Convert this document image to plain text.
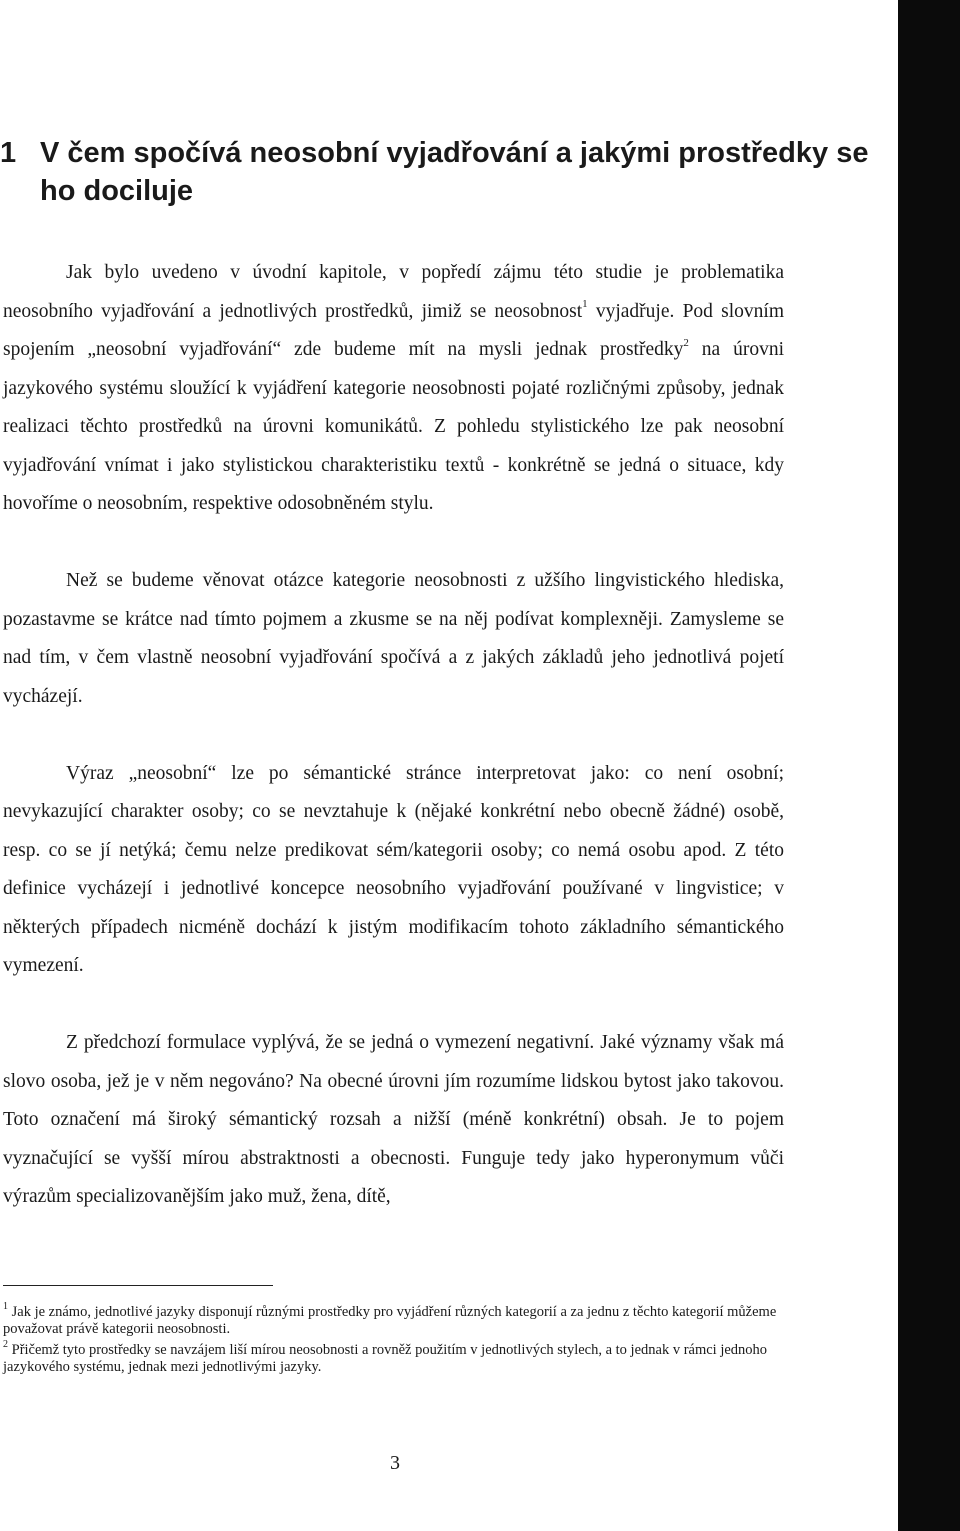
1 V čem spočívá neosobní vyjadřování a jakými prostředky se ho dociluje

Jak bylo uvedeno v úvodní kapitole, v popředí zájmu této studie je problematika neosobního vyjadřování a jednotlivých prostředků, jimiž se neosobnost$^1$ vyjadřuje. Pod slovním spojením „neosobní vyjadřování“ zde budeme mít na mysli jednak prostředky$^2$ na úrovni jazykového systému sloužící k vyjádření kategorie neosobnosti pojaté rozličnými způsoby, jednak realizaci těchto prostředků na úrovni komunikátů. Z pohledu stylistického lze pak neosobní vyjadřování vnímat i jako stylistickou charakteristiku textů - konkrétně se jedná o situace, kdy hovoříme o neosobním, respektive odosobněném stylu.

Než se budeme věnovat otázce kategorie neosobnosti z užšího lingvistického hlediska, pozastavme se krátce nad tímto pojmem a zkusme se na něj podívat komplexněji. Zamysleme se nad tím, v čem vlastně neosobní vyjadřování spočívá a z jakých základů jeho jednotlivá pojetí vycházejí.

Výraz „neosobní“ lze po sémantické stránce interpretovat jako: co není osobní; nevykazující charakter osoby; co se nevztahuje k (nějaké konkrétní nebo obecně žádné) osobě, resp. co se jí netýká; čemu nelze predikovat sém/kategorii osoby; co nemá osobu apod. Z této definice vycházejí i jednotlivé koncepce neosobního vyjadřování používané v lingvistice; v některých případech nicméně dochází k jistým modifikacím tohoto základního sémantického vymezení.

Z předchozí formulace vyplývá, že se jedná o vymezení negativní. Jaké významy však má slovo osoba, jež je v něm negováno? Na obecné úrovni jím rozumíme lidskou bytost jako takovou. Toto označení má široký sémantický rozsah a nižší (méně konkrétní) obsah. Je to pojem vyznačující se vyšší mírou abstraktnosti a obecnosti. Funguje tedy jako hyperonymum vůči výrazům specializovanějším jako muž, žena, dítě,

$^1$ Jak je známo, jednotlivé jazyky disponují různými prostředky pro vyjádření různých kategorií a za jednu z těchto kategorií můžeme považovat právě kategorii neosobnosti.

$^2$ Přičemž tyto prostředky se navzájem liší mírou neosobnosti a rovněž použitím v jednotlivých stylech, a to jednak v rámci jednoho jazykového systému, jednak mezi jednotlivými jazyky.

3
